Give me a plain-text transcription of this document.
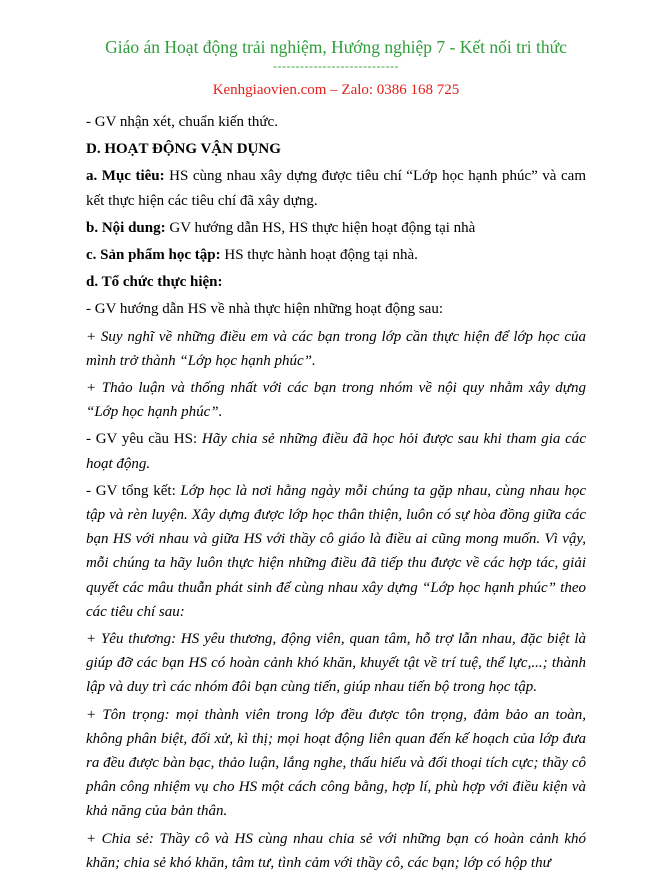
Giáo án Hoạt động trải nghiệm, Hướng nghiệp 7 - Kết nối tri thức
----------------------------
Kenhgiaovien.com – Zalo: 0386 168 725

- GV nhận xét, chuẩn kiến thức.

D. HOẠT ĐỘNG VẬN DỤNG

a. Mục tiêu: HS cùng nhau xây dựng được tiêu chí “Lớp học hạnh phúc” và cam kết thực hiện các tiêu chí đã xây dựng.

b. Nội dung: GV hướng dẫn HS, HS thực hiện hoạt động tại nhà

c. Sản phẩm học tập: HS thực hành hoạt động tại nhà.

d. Tổ chức thực hiện:

- GV hướng dẫn HS về nhà thực hiện những hoạt động sau:

+ Suy nghĩ về những điều em và các bạn trong lớp cần thực hiện để lớp học của mình trở thành “Lớp học hạnh phúc”.

+ Thảo luận và thống nhất với các bạn trong nhóm về nội quy nhằm xây dựng “Lớp học hạnh phúc”.

- GV yêu cầu HS: Hãy chia sẻ những điều đã học hỏi được sau khi tham gia các hoạt động.

- GV tổng kết: Lớp học là nơi hằng ngày mỗi chúng ta gặp nhau, cùng nhau học tập và rèn luyện. Xây dựng được lớp học thân thiện, luôn có sự hòa đồng giữa các bạn HS với nhau và giữa HS với thầy cô giáo là điều ai cũng mong muốn. Vì vậy, mỗi chúng ta hãy luôn thực hiện những điều đã tiếp thu được về các hợp tác, giải quyết các mâu thuẫn phát sinh để cùng nhau xây dựng “Lớp học hạnh phúc” theo các tiêu chí sau:

+ Yêu thương: HS yêu thương, động viên, quan tâm, hỗ trợ lẫn nhau, đặc biệt là giúp đỡ các bạn HS có hoàn cảnh khó khăn, khuyết tật về trí tuệ, thể lực,...; thành lập và duy trì các nhóm đôi bạn cùng tiến, giúp nhau tiến bộ trong học tập.

+ Tôn trọng: mọi thành viên trong lớp đều được tôn trọng, đảm bảo an toàn, không phân biệt, đối xử, kì thị; mọi hoạt động liên quan đến kế hoạch của lớp đưa ra đều được bàn bạc, thảo luận, lắng nghe, thấu hiểu và đối thoại tích cực; thầy cô phân công nhiệm vụ cho HS một cách công bằng, hợp lí, phù hợp với điều kiện và khả năng của bản thân.

+ Chia sẻ: Thầy cô và HS cùng nhau chia sẻ với những bạn có hoàn cảnh khó khăn; chia sẻ khó khăn, tâm tư, tình cảm với thầy cô, các bạn; lớp có hộp thư
